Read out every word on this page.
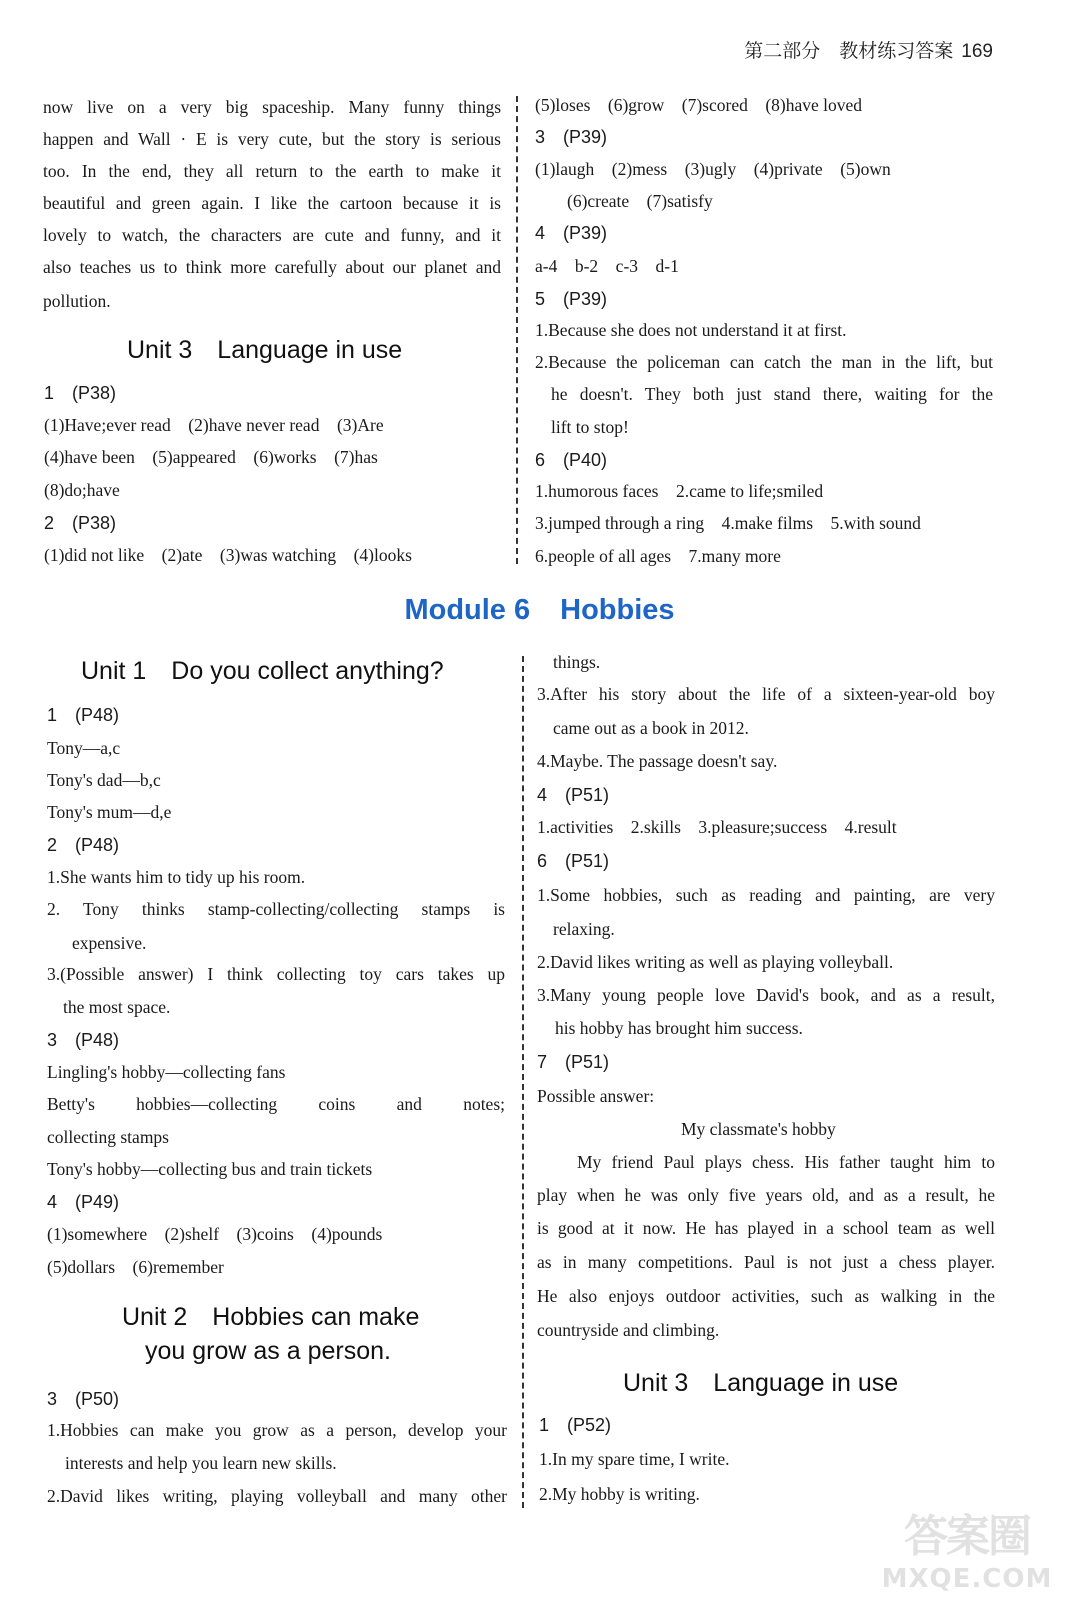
第二部分　教材练习答案 169
now live on a very big spaceship. Many funny things
happen and Wall · E is very cute, but the story is serious
too. In the end, they all return to the earth to make it
beautiful and green again. I like the cartoon because it is
lovely to watch, the characters are cute and funny, and it
also teaches us to think more carefully about our planet and
pollution.
Unit 3　Language in use
1　(P38)
(1)Have;ever read　(2)have never read　(3)Are
(4)have been　(5)appeared　(6)works　(7)has
(8)do;have
2　(P38)
(1)did not like　(2)ate　(3)was watching　(4)looks
(5)loses　(6)grow　(7)scored　(8)have loved
3　(P39)
(1)laugh　(2)mess　(3)ugly　(4)private　(5)own
(6)create　(7)satisfy
4　(P39)
a-4　b-2　c-3　d-1
5　(P39)
1.Because she does not understand it at first.
2.Because the policeman can catch the man in the lift, but
he doesn't. They both just stand there, waiting for the
lift to stop!
6　(P40)
1.humorous faces　2.came to life;smiled
3.jumped through a ring　4.make films　5.with sound
6.people of all ages　7.many more
Module 6 Hobbies
Unit 1　Do you collect anything?
1　(P48)
Tony—a,c
Tony's dad—b,c
Tony's mum—d,e
2　(P48)
1.She wants him to tidy up his room.
2. Tony thinks stamp-collecting/collecting stamps is
expensive.
3.(Possible answer) I think collecting toy cars takes up
the most space.
3　(P48)
Lingling's hobby—collecting fans
Betty's hobbies—collecting coins and notes;
collecting stamps
Tony's hobby—collecting bus and train tickets
4　(P49)
(1)somewhere　(2)shelf　(3)coins　(4)pounds
(5)dollars　(6)remember
Unit 2　Hobbies can make
you grow as a person.
3　(P50)
1.Hobbies can make you grow as a person, develop your
interests and help you learn new skills.
2.David likes writing, playing volleyball and many other
things.
3.After his story about the life of a sixteen-year-old boy
came out as a book in 2012.
4.Maybe. The passage doesn't say.
4　(P51)
1.activities　2.skills　3.pleasure;success　4.result
6　(P51)
1.Some hobbies, such as reading and painting, are very
relaxing.
2.David likes writing as well as playing volleyball.
3.Many young people love David's book, and as a result,
his hobby has brought him success.
7　(P51)
Possible answer:
My classmate's hobby
My friend Paul plays chess. His father taught him to
play when he was only five years old, and as a result, he
is good at it now. He has played in a school team as well
as in many competitions. Paul is not just a chess player.
He also enjoys outdoor activities, such as walking in the
countryside and climbing.
Unit 3　Language in use
1　(P52)
1.In my spare time, I write.
2.My hobby is writing.
答案圈
MXQE.COM
